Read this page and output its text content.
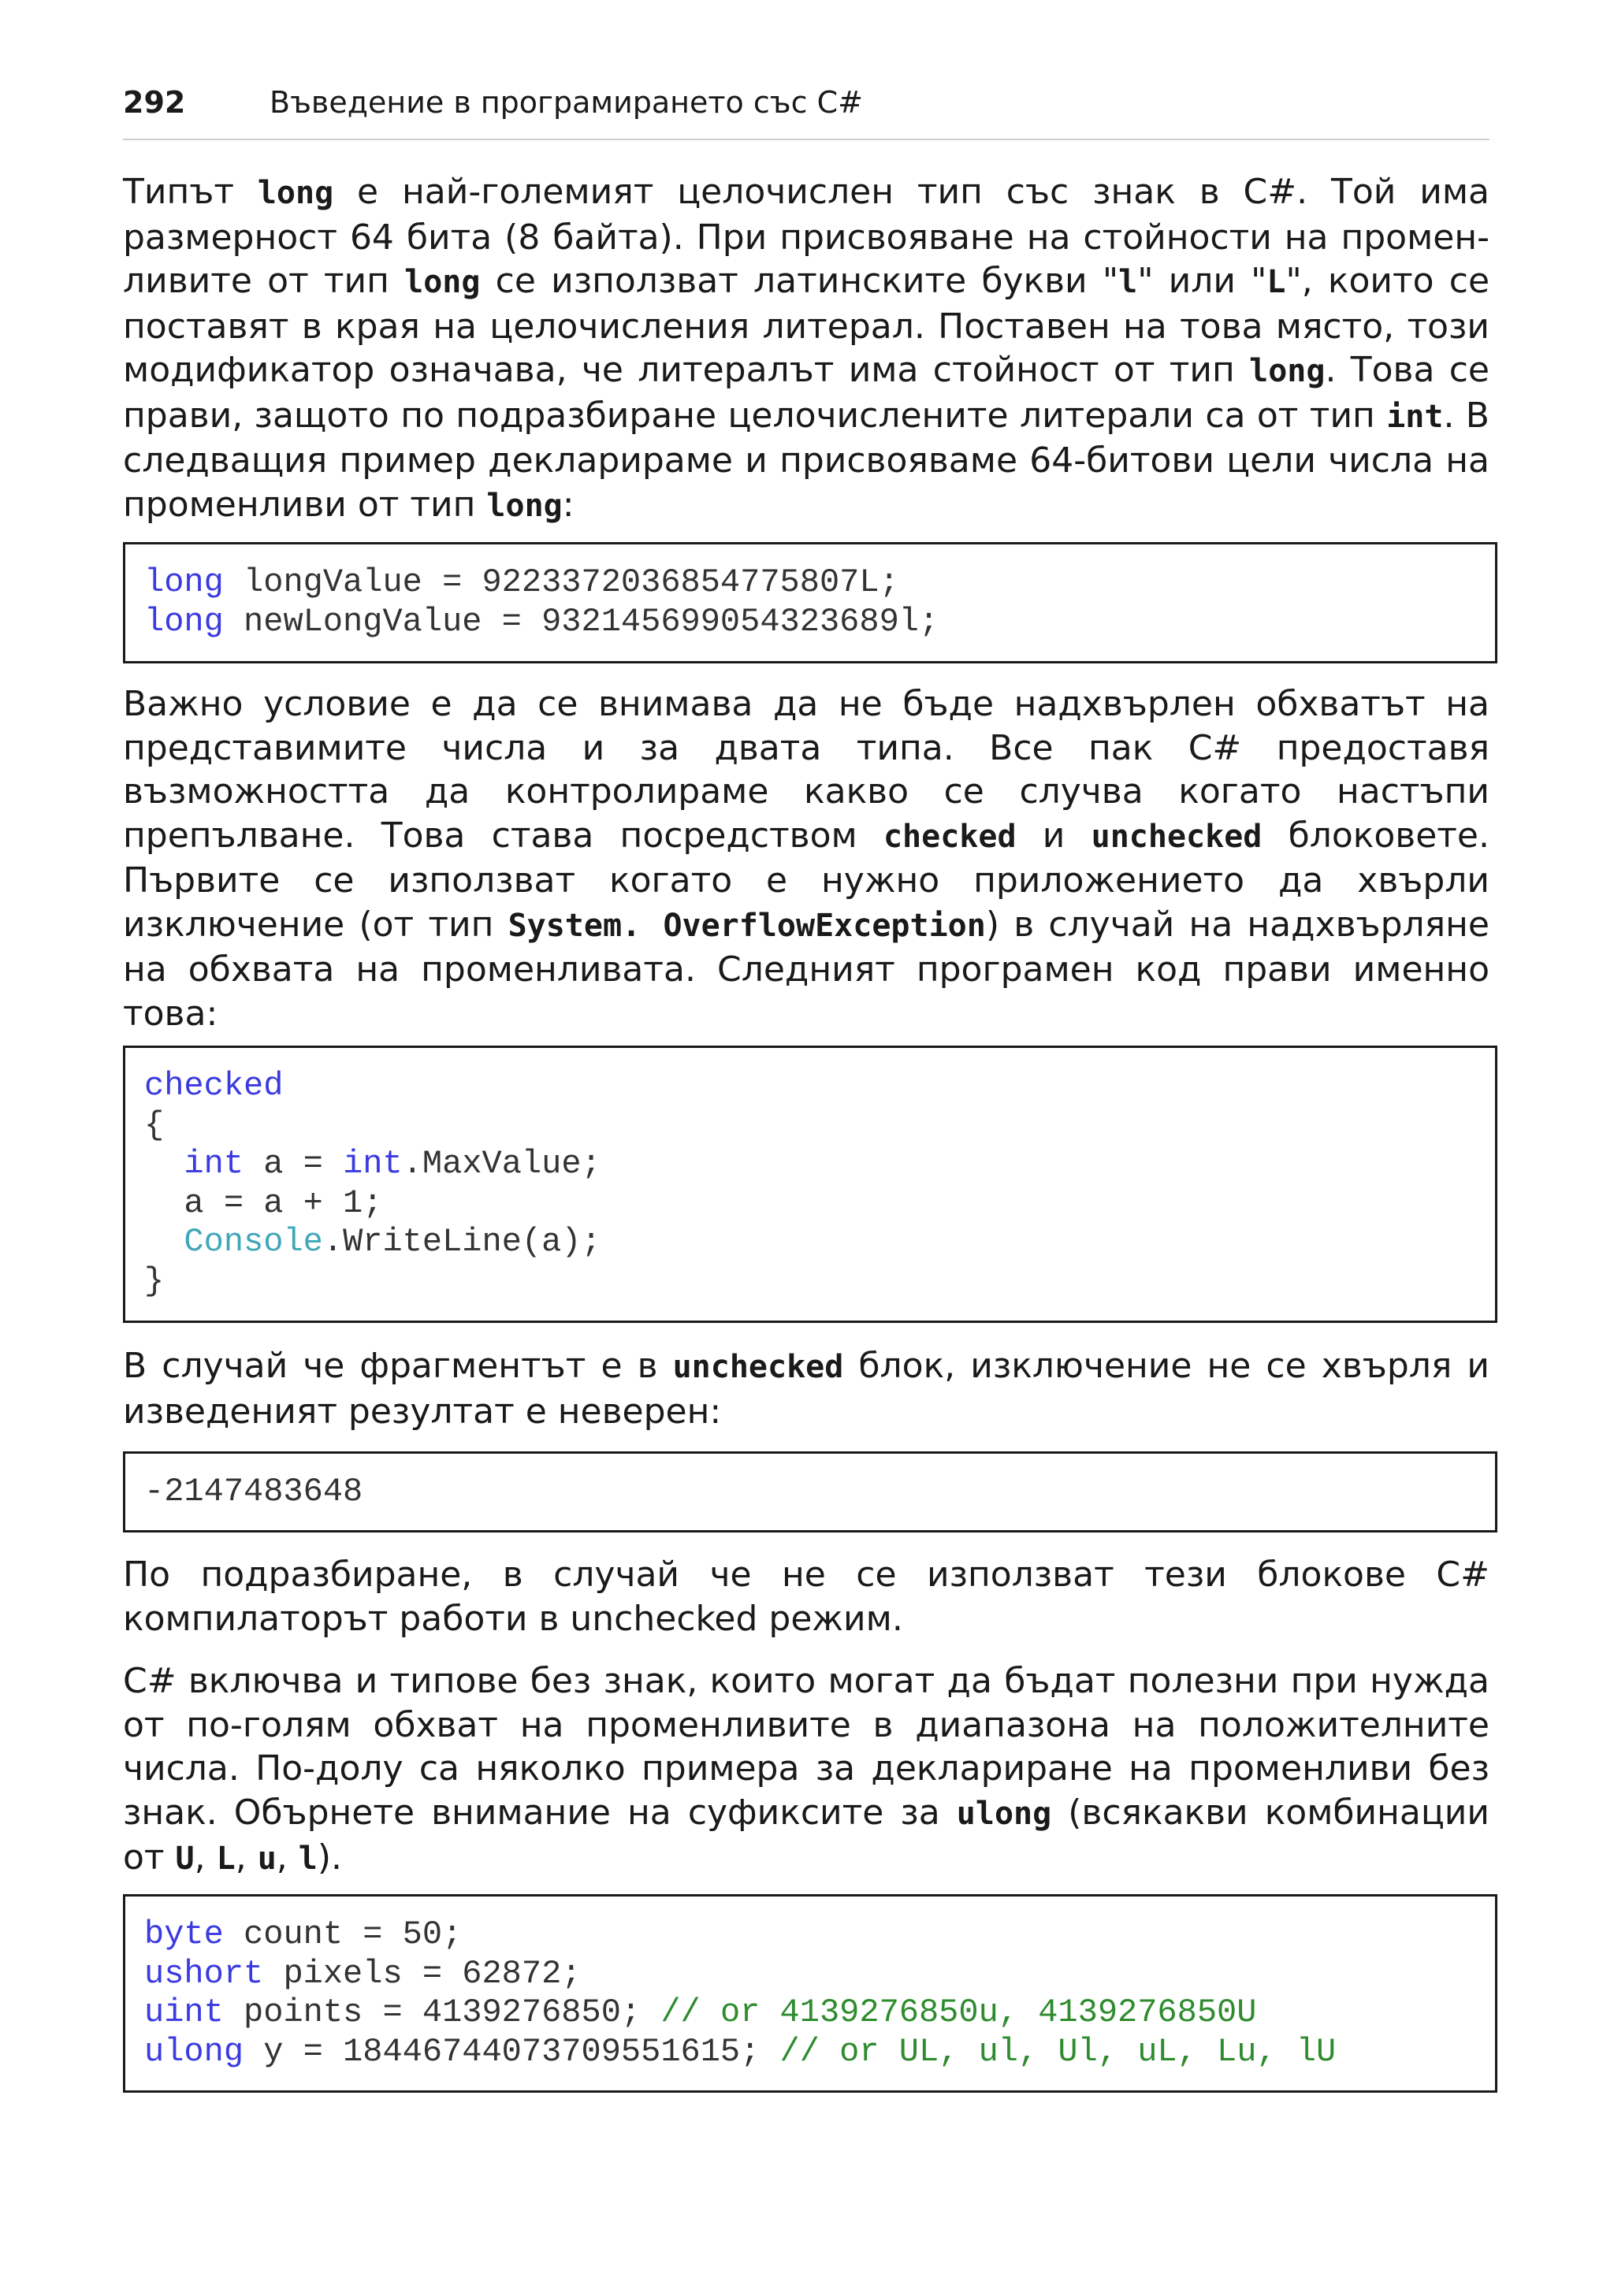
292	Въведение в програмирането със C#

Типът long е най-големият целочислен тип със знак в C#. Той има размерност 64 бита (8 байта). При присвояване на стойности на промен-ливите от тип long се използват латинските букви "l" или "L", които се поставят в края на целочисления литерал. Поставен на това място, този модификатор означава, че литералът има стойност от тип long. Това се прави, защото по подразбиране целочислените литерали са от тип int. В следващия пример декларираме и присвояваме 64-битови цели числа на променливи от тип long:

long longValue = 9223372036854775807L;
long newLongValue = 932145699054323689l;

Важно условие е да се внимава да не бъде надхвърлен обхватът на представимите числа и за двата типа. Все пак C# предоставя възможността да контролираме какво се случва когато настъпи препълване. Това става посредством checked и unchecked блоковете. Първите се използват когато е нужно приложението да хвърли изключение (от тип System. OverflowException) в случай на надхвърляне на обхвата на променливата. Следният програмен код прави именно това:

checked
{
int a = int.MaxValue;
a = a + 1;
Console.WriteLine(a);
}

В случай че фрагментът е в unchecked блок, изключение не се хвърля и изведеният резултат е неверен:

-2147483648

По подразбиране, в случай че не се използват тези блокове C# компилаторът работи в unchecked режим.

C# включва и типове без знак, които могат да бъдат полезни при нужда от по-голям обхват на променливите в диапазона на положителните числа. По-долу са няколко примера за деклариране на променливи без знак. Обърнете внимание на суфиксите за ulong (всякакви комбинации от U, L, u, l).

byte count = 50;
ushort pixels = 62872;
uint points = 4139276850; // or 4139276850u, 4139276850U
ulong y = 18446744073709551615; // or UL, ul, Ul, uL, Lu, lU
